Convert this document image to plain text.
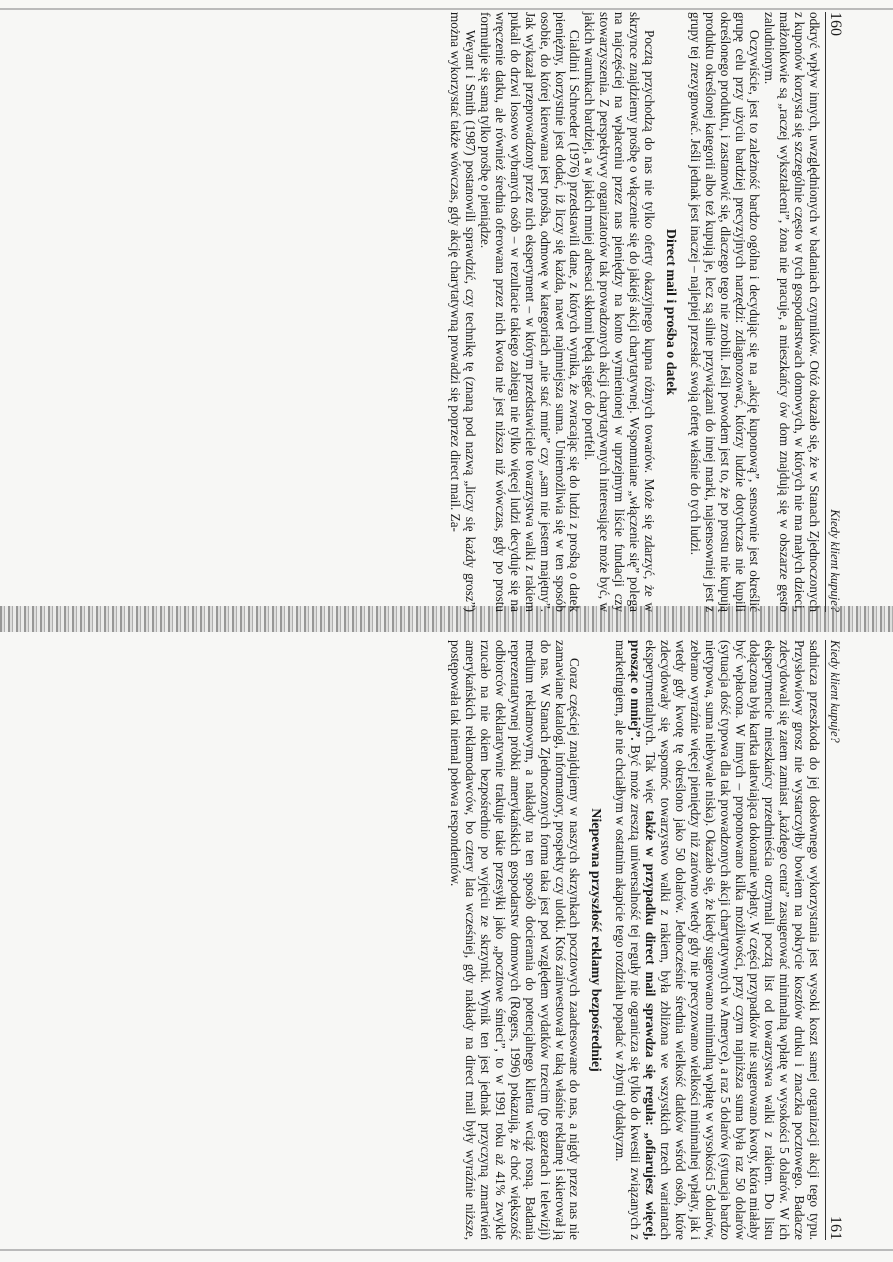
160
Kiedy klient kupuje?

odkryć wpływ innych, uwzględnionych w badaniach czynników. Otóż okazało się, że w Stanach Zjednoczonych z kuponów korzysta się szczególnie często w tych gospodarstwach domowych, w których nie ma małych dzieci, małżonkowie są „raczej wykształceni”, żona nie pracuje, a mieszkańcy ów dom znajdują się w obszarze gęsto zaludnionym.

Oczywiście, jest to zależność bardzo ogólna i decydując się na „akcję kuponową”, sensownie jest określić grupę celu przy użyciu bardziej precyzyjnych narzędzi: zdiagnozować, którzy ludzie dotychczas nie kupili określonego produktu, i zastanowić się, dlaczego tego nie zrobili. Jeśli powodem jest to, że po prostu nie kupują produktu określonej kategorii albo też kupują je, lecz są silnie przywiązani do innej marki, najsensowniej jest z grupy tej zrezygnować. Jeśli jednak jest inaczej – najlepiej przesłać swoją ofertę właśnie do tych ludzi.

Direct mail i prośba o datek

Pocztą przychodzą do nas nie tylko oferty okazyjnego kupna różnych towarów. Może się zdarzyć, że w skrzynce znajdziemy prośbę o włączenie się do jakiejś akcji charytatywnej. Wspomniane „włączenie się” polega na najczęściej na wpłaceniu przez nas pieniędzy na konto wymienionej w uprzejmym liście fundacji czy stowarzyszenia. Z perspektywy organizatorów tak prowadzonych akcji charytatywnych interesujące może być, w jakich warunkach bardziej, a w jakich mniej adresaci skłonni będą sięgać do portfeli.

Cialdini i Schroeder (1976) przedstawili dane, z których wynika, że zwracając się do ludzi z prośbą o datek pieniężny, korzystnie jest dodać, iż liczy się każda, nawet najmniejsza suma. Uniemożliwia się w ten sposób osobie, do której kierowana jest prośba, odmowę w kategoriach „nie stać mnie” czy „sam nie jestem majętny”. Jak wykazał przeprowadzony przez nich eksperyment – w którym przedstawiciele towarzystwa walki z rakiem pukali do drzwi losowo wybranych osób – w rezultacie takiego zabiegu nie tylko więcej ludzi decyduje się na wręczenie datku, ale również średnia oferowana przez nich kwota nie jest niższa niż wówczas, gdy po prostu formułuje się samą tylko prośbę o pieniądze.

Weyant i Smith (1987) postanowili sprawdzić, czy technikę tę (znaną pod nazwą „liczy się każdy grosz”) można wykorzystać także wówczas, gdy akcję charytatywną prowadzi się poprzez direct mail. Za-

Kiedy klient kupuje?
161

sadnicza przeszkoda do jej dosłownego wykorzystania jest wysoki koszt samej organizacji akcji tego typu. Przysłowiowy grosz nie wystarczyłby bowiem na pokrycie kosztów druku i znaczka pocztowego. Badacze zdecydowali się zatem zamiast „każdego centa” zasugerować minimalną wpłatę w wysokości 5 dolarów. W ich eksperymencie mieszkańcy przedmieścia otrzymali pocztą list od towarzystwa walki z rakiem. Do listu dołączona była kartka ułatwiająca dokonanie wpłaty. W części przypadków nie sugerowano kwoty, która miałaby być wpłacona. W innych – proponowano kilka możliwości, przy czym najniższa suma była raz 50 dolarów (sytuacja dość typowa dla tak prowadzonych akcji charytatywnych w Ameryce), a raz 5 dolarów (sytuacja bardzo nietypowa, suma niebywale niska). Okazało się, że kiedy sugerowano minimalną wpłatę w wysokości 5 dolarów, zebrano wyraźnie więcej pieniędzy niż zarówno wtedy gdy nie precyzowano wielkości minimalnej wpłaty, jak i wtedy gdy kwotę tę określono jako 50 dolarów. Jednocześnie średnia wielkość datków wśród osób, które zdecydowały się wspomóc towarzystwo walki z rakiem, była zbliżona we wszystkich trzech wariantach eksperymentalnych. Tak więc także w przypadku direct mail sprawdza się reguła: „ofiarujesz więcej, prosząc o mniej”. Być może zresztą uniwersalność tej reguły nie ogranicza się tylko do kwestii związanych z marketingiem, ale nie chciałbym w ostatnim akapicie tego rozdziału popadać w zbytni dydaktyzm.

Niepewna przyszłość reklamy bezpośredniej

Coraz częściej znajdujemy w naszych skrzynkach pocztowych zaadresowane do nas, a nigdy przez nas nie zamawiane katalogi, informatory, prospekty czy ulotki. Ktoś zainwestował w taką właśnie reklamę i skierował ją do nas. W Stanach Zjednoczonych forma taka jest pod względem wydatków trzecim (po gazetach i telewizji) medium reklamowym, a nakłady na ten sposób docierania do potencjalnego klienta wciąż rosną. Badania reprezentatywnej próbki amerykańskich gospodarstw domowych (Rogers, 1996) pokazują, że choć większość odbiorców deklaratywnie traktuje takie przesyłki jako „pocztowe śmieci”, to w 1991 roku aż 41% zwykle rzucało na nie okiem bezpośrednio po wyjęciu ze skrzynki. Wynik ten jest jednak przyczyną zmartwień amerykańskich reklamodawców, bo cztery lata wcześniej, gdy nakłady na direct mail były wyraźnie niższe, postępowała tak niemal połowa respondentów.
